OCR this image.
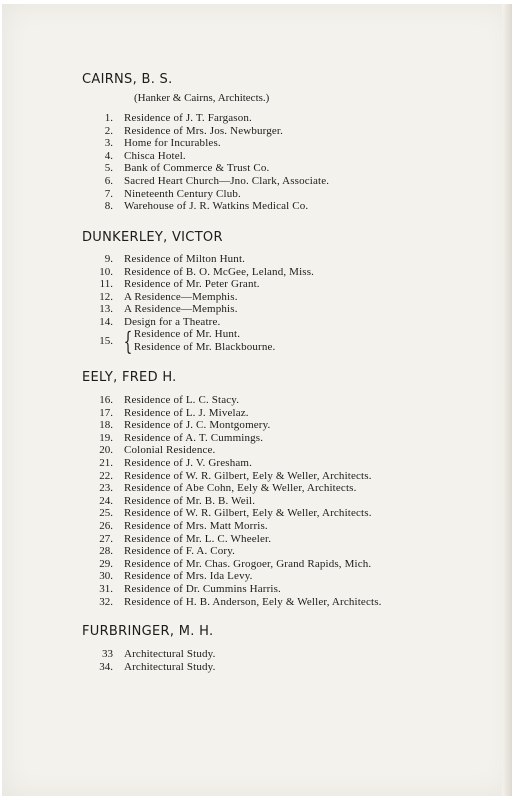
CAIRNS, B. S.
(Hanker & Cairns, Architects.)
1.	Residence of J. T. Fargason.
2.	Residence of Mrs. Jos. Newburger.
3.	Home for Incurables.
4.	Chisca Hotel.
5.	Bank of Commerce & Trust Co.
6.	Sacred Heart Church—Jno. Clark, Associate.
7.	Nineteenth Century Club.
8.	Warehouse of J. R. Watkins Medical Co.
DUNKERLEY, VICTOR
9.	Residence of Milton Hunt.
10.	Residence of B. O. McGee, Leland, Miss.
11.	Residence of Mr. Peter Grant.
12.	A Residence—Memphis.
13.	A Residence—Memphis.
14.	Design for a Theatre.
15. { Residence of Mr. Hunt.
Residence of Mr. Blackbourne.
EELY, FRED H.
16.	Residence of L. C. Stacy.
17.	Residence of L. J. Mivelaz.
18.	Residence of J. C. Montgomery.
19.	Residence of A. T. Cummings.
20.	Colonial Residence.
21.	Residence of J. V. Gresham.
22.	Residence of W. R. Gilbert, Eely & Weller, Architects.
23.	Residence of Abe Cohn, Eely & Weller, Architects.
24.	Residence of Mr. B. B. Weil.
25.	Residence of W. R. Gilbert, Eely & Weller, Architects.
26.	Residence of Mrs. Matt Morris.
27.	Residence of Mr. L. C. Wheeler.
28.	Residence of F. A. Cory.
29.	Residence of Mr. Chas. Grogoer, Grand Rapids, Mich.
30.	Residence of Mrs. Ida Levy.
31.	Residence of Dr. Cummins Harris.
32.	Residence of H. B. Anderson, Eely & Weller, Architects.
FURBRINGER, M. H.
33	Architectural Study.
34.	Architectural Study.
